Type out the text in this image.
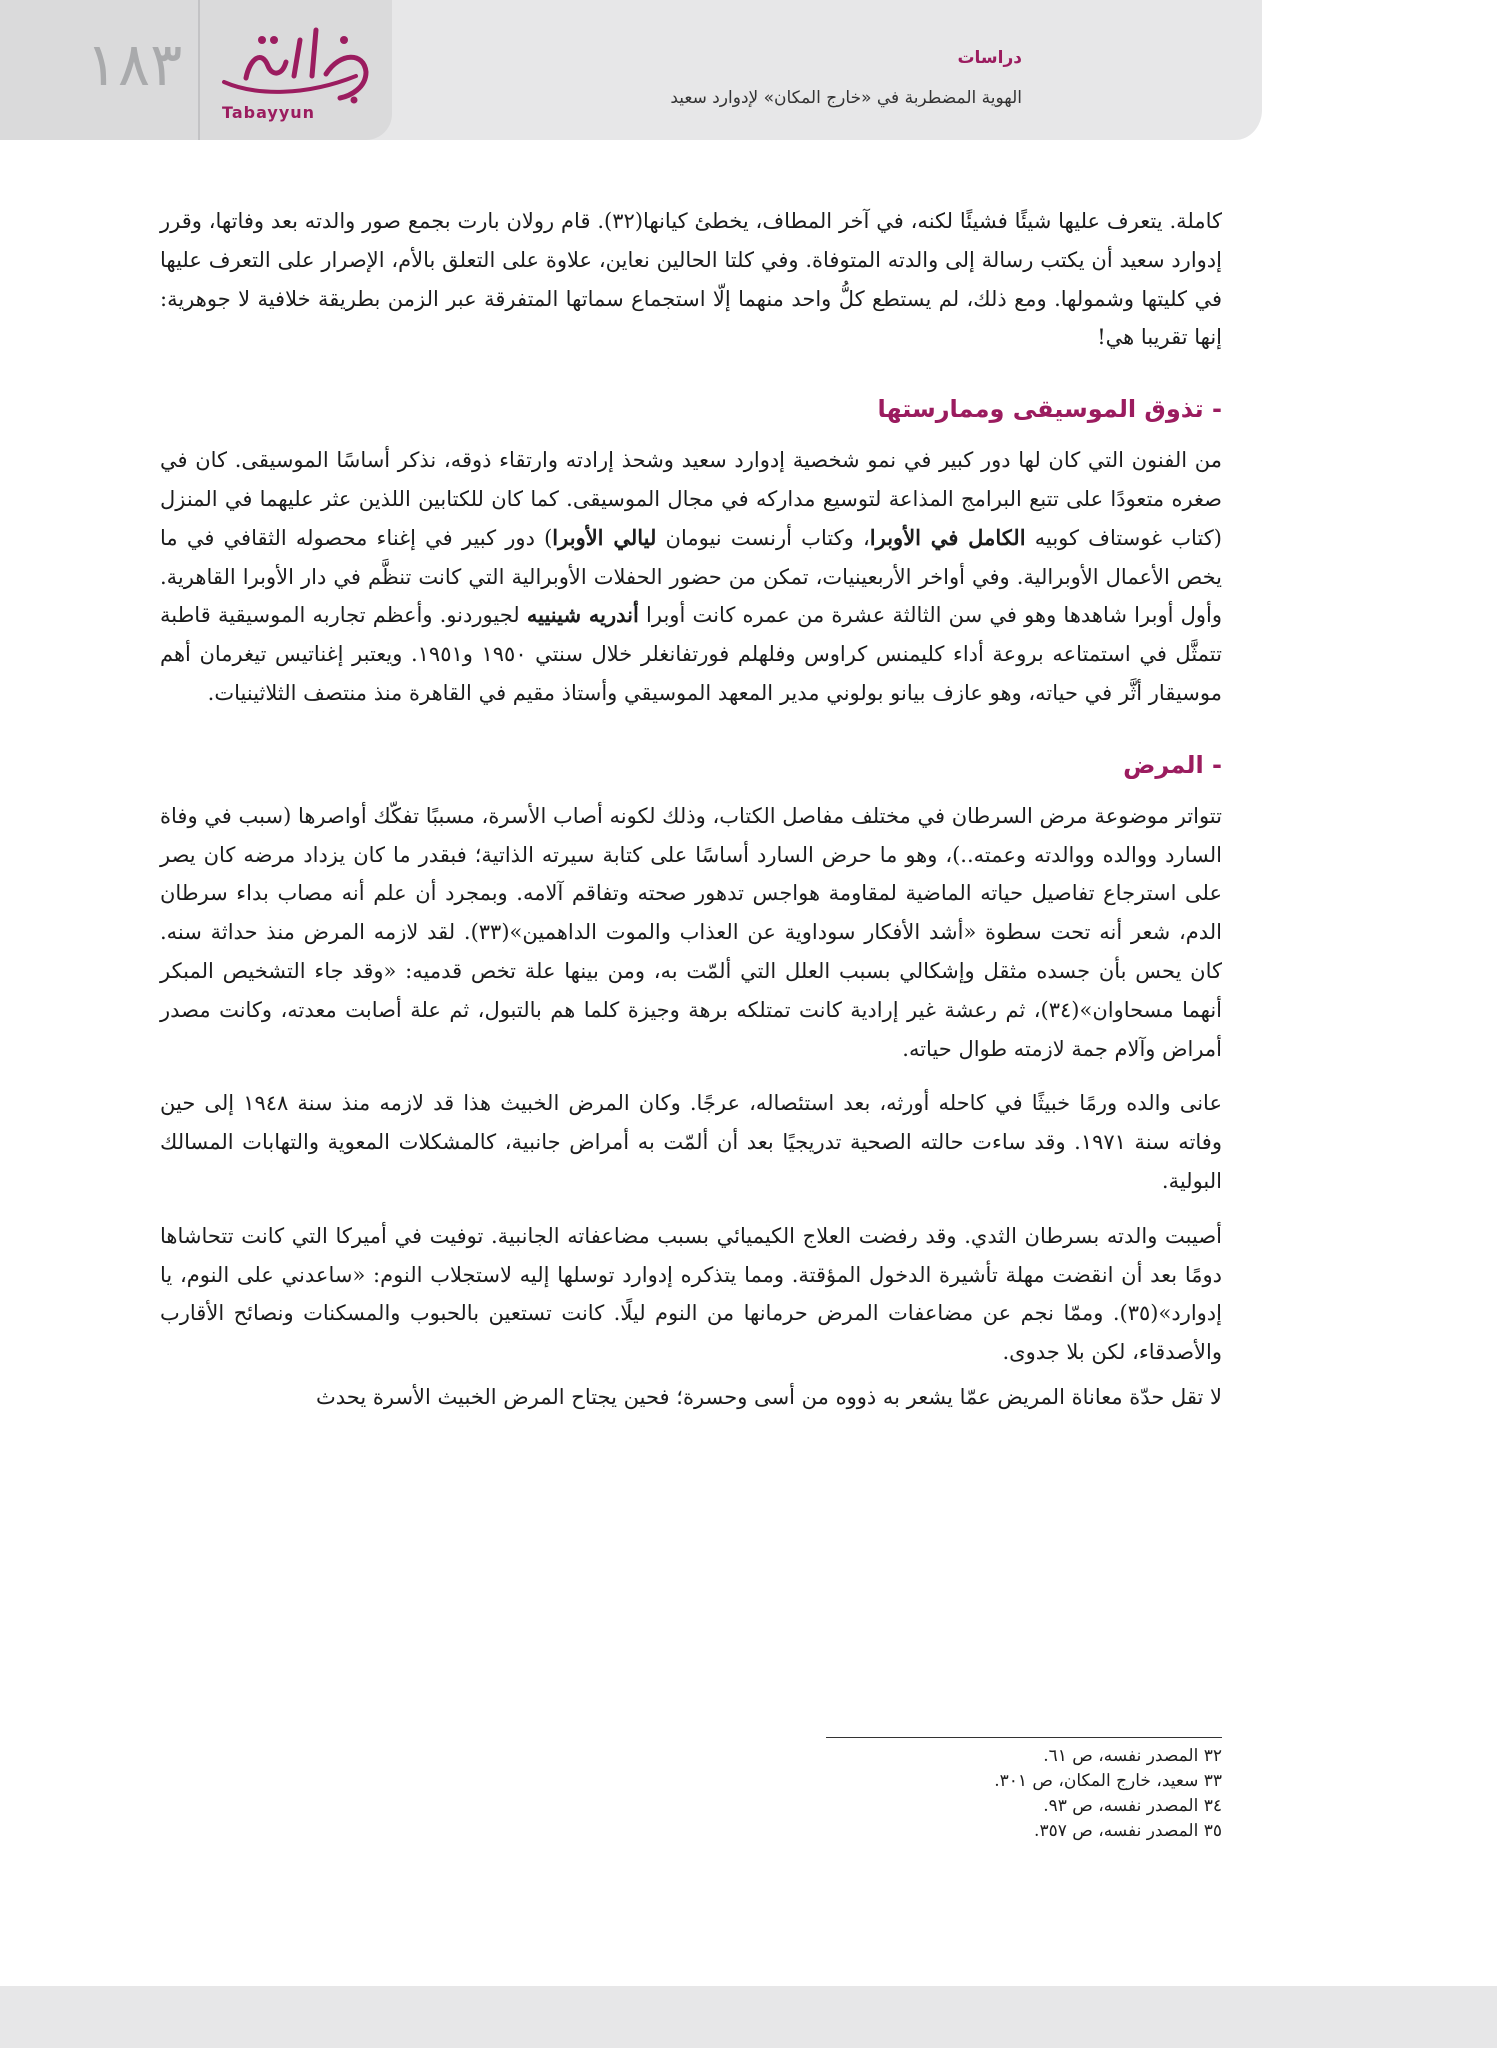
١٨٣
Tabayyun
دراسات
الهوية المضطربة في «خارج المكان» لإدوارد سعيد

كاملة. يتعرف عليها شيئًا فشيئًا لكنه، في آخر المطاف، يخطئ كيانها(٣٢). قام رولان بارت بجمع صور والدته بعد وفاتها، وقرر إدوارد سعيد أن يكتب رسالة إلى والدته المتوفاة. وفي كلتا الحالين نعاين، علاوة على التعلق بالأم، الإصرار على التعرف عليها في كليتها وشمولها. ومع ذلك، لم يستطع كلُّ واحد منهما إلّا استجماع سماتها المتفرقة عبر الزمن بطريقة خلافية لا جوهرية: إنها تقريبا هي!

- تذوق الموسيقى وممارستها

من الفنون التي كان لها دور كبير في نمو شخصية إدوارد سعيد وشحذ إرادته وارتقاء ذوقه، نذكر أساسًا الموسيقى. كان في صغره متعودًا على تتبع البرامج المذاعة لتوسيع مداركه في مجال الموسيقى. كما كان للكتابين اللذين عثر عليهما في المنزل (كتاب غوستاف كوبيه الكامل في الأوبرا، وكتاب أرنست نيومان ليالي الأوبرا) دور كبير في إغناء محصوله الثقافي في ما يخص الأعمال الأوبرالية. وفي أواخر الأربعينيات، تمكن من حضور الحفلات الأوبرالية التي كانت تنظَّم في دار الأوبرا القاهرية. وأول أوبرا شاهدها وهو في سن الثالثة عشرة من عمره كانت أوبرا أندريه شينييه لجيوردنو. وأعظم تجاربه الموسيقية قاطبة تتمثَّل في استمتاعه بروعة أداء كليمنس كراوس وفلهلم فورتفانغلر خلال سنتي ١٩٥٠ و١٩٥١. ويعتبر إغناتيس تيغرمان أهم موسيقار أثَّر في حياته، وهو عازف بيانو بولوني مدير المعهد الموسيقي وأستاذ مقيم في القاهرة منذ منتصف الثلاثينيات.

- المرض

تتواتر موضوعة مرض السرطان في مختلف مفاصل الكتاب، وذلك لكونه أصاب الأسرة، مسببًا تفكّك أواصرها (سبب في وفاة السارد ووالده ووالدته وعمته..)، وهو ما حرض السارد أساسًا على كتابة سيرته الذاتية؛ فبقدر ما كان يزداد مرضه كان يصر على استرجاع تفاصيل حياته الماضية لمقاومة هواجس تدهور صحته وتفاقم آلامه. وبمجرد أن علم أنه مصاب بداء سرطان الدم، شعر أنه تحت سطوة «أشد الأفكار سوداوية عن العذاب والموت الداهمين»(٣٣). لقد لازمه المرض منذ حداثة سنه. كان يحس بأن جسده مثقل وإشكالي بسبب العلل التي ألمّت به، ومن بينها علة تخص قدميه: «وقد جاء التشخيص المبكر أنهما مسحاوان»(٣٤)، ثم رعشة غير إرادية كانت تمتلكه برهة وجيزة كلما هم بالتبول، ثم علة أصابت معدته، وكانت مصدر أمراض وآلام جمة لازمته طوال حياته.

عانى والده ورمًا خبيثًا في كاحله أورثه، بعد استئصاله، عرجًا. وكان المرض الخبيث هذا قد لازمه منذ سنة ١٩٤٨ إلى حين وفاته سنة ١٩٧١. وقد ساءت حالته الصحية تدريجيًا بعد أن ألمّت به أمراض جانبية، كالمشكلات المعوية والتهابات المسالك البولية.

أصيبت والدته بسرطان الثدي. وقد رفضت العلاج الكيميائي بسبب مضاعفاته الجانبية. توفيت في أميركا التي كانت تتحاشاها دومًا بعد أن انقضت مهلة تأشيرة الدخول المؤقتة. ومما يتذكره إدوارد توسلها إليه لاستجلاب النوم: «ساعدني على النوم، يا إدوارد»(٣٥). وممّا نجم عن مضاعفات المرض حرمانها من النوم ليلًا. كانت تستعين بالحبوب والمسكنات ونصائح الأقارب والأصدقاء، لكن بلا جدوى.

لا تقل حدّة معاناة المريض عمّا يشعر به ذووه من أسى وحسرة؛ فحين يجتاح المرض الخبيث الأسرة يحدث

٣٢ المصدر نفسه، ص ٦١.
٣٣ سعيد، خارج المكان، ص ٣٠١.
٣٤ المصدر نفسه، ص ٩٣.
٣٥ المصدر نفسه، ص ٣٥٧.
